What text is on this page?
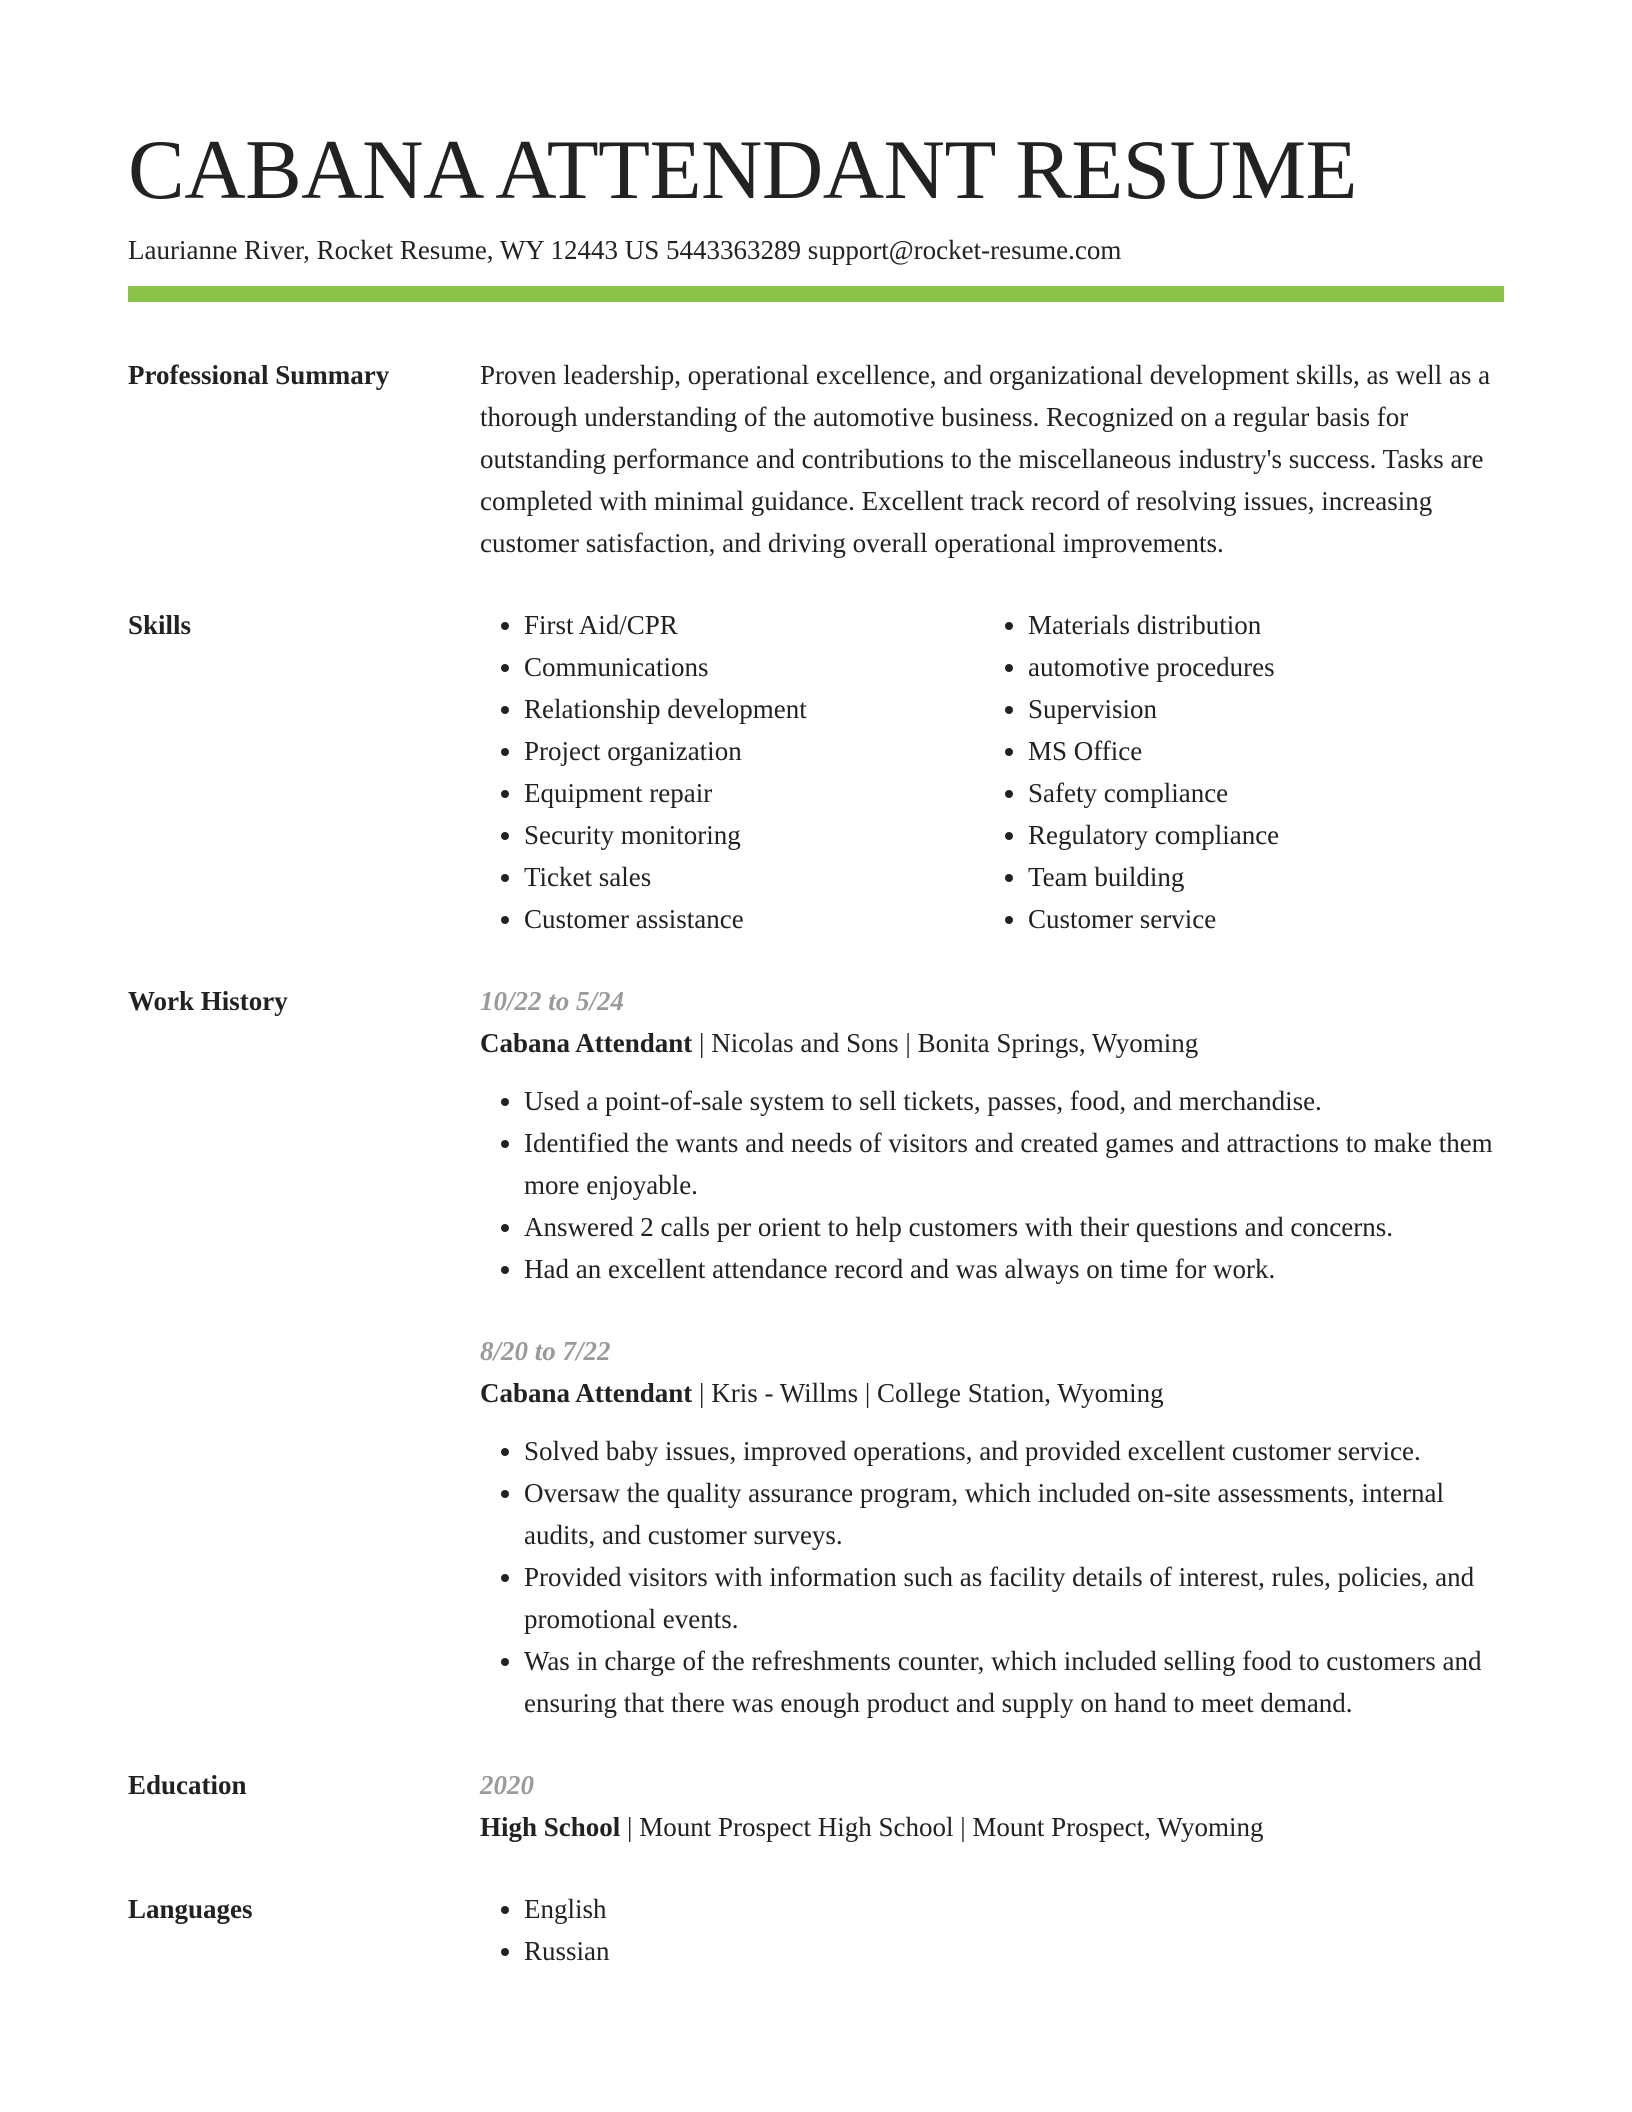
CABANA ATTENDANT RESUME
Laurianne River, Rocket Resume, WY 12443 US 5443363289 support@rocket-resume.com
Professional Summary	Proven leadership, operational excellence, and organizational development skills, as well as a thorough understanding of the automotive business. Recognized on a regular basis for outstanding performance and contributions to the miscellaneous industry's success. Tasks are completed with minimal guidance. Excellent track record of resolving issues, increasing customer satisfaction, and driving overall operational improvements.

Skills	• First Aid/CPR
• Communications
• Relationship development
• Project organization
• Equipment repair
• Security monitoring
• Ticket sales
• Customer assistance
• Materials distribution
• automotive procedures
• Supervision
• MS Office
• Safety compliance
• Regulatory compliance
• Team building
• Customer service
Work History	10/22 to 5/24
Cabana Attendant | Nicolas and Sons | Bonita Springs, Wyoming
• Used a point-of-sale system to sell tickets, passes, food, and merchandise.
• Identified the wants and needs of visitors and created games and attractions to make them more enjoyable.
• Answered 2 calls per orient to help customers with their questions and concerns.
• Had an excellent attendance record and was always on time for work.
8/20 to 7/22
Cabana Attendant | Kris - Willms | College Station, Wyoming
• Solved baby issues, improved operations, and provided excellent customer service.
• Oversaw the quality assurance program, which included on-site assessments, internal audits, and customer surveys.
• Provided visitors with information such as facility details of interest, rules, policies, and promotional events.
• Was in charge of the refreshments counter, which included selling food to customers and ensuring that there was enough product and supply on hand to meet demand.
Education	2020
High School | Mount Prospect High School | Mount Prospect, Wyoming
Languages	• English
• Russian
